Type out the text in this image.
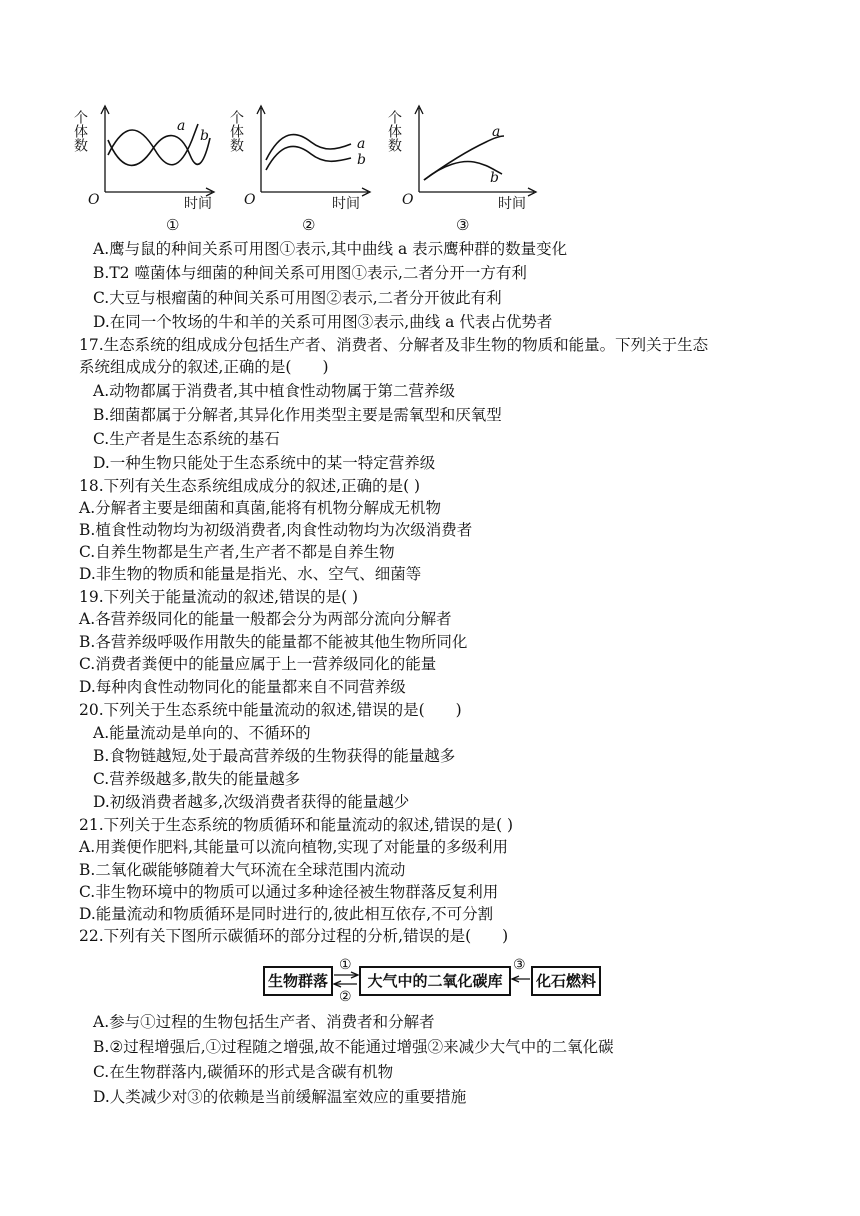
a
b
O	时间
个体数
①
a
b
O	时间
个体数
②
a
b
O	时间
个体数
③
A.鹰与鼠的种间关系可用图①表示,其中曲线 a 表示鹰种群的数量变化
B.T2 噬菌体与细菌的种间关系可用图①表示,二者分开一方有利
C.大豆与根瘤菌的种间关系可用图②表示,二者分开彼此有利
D.在同一个牧场的牛和羊的关系可用图③表示,曲线 a 代表占优势者
17.生态系统的组成成分包括生产者、消费者、分解者及非生物的物质和能量。下列关于生态
系统组成成分的叙述,正确的是(　　)
A.动物都属于消费者,其中植食性动物属于第二营养级
B.细菌都属于分解者,其异化作用类型主要是需氧型和厌氧型
C.生产者是生态系统的基石
D.一种生物只能处于生态系统中的某一特定营养级
18.下列有关生态系统组成成分的叙述,正确的是( )
A.分解者主要是细菌和真菌,能将有机物分解成无机物
B.植食性动物均为初级消费者,肉食性动物均为次级消费者
C.自养生物都是生产者,生产者不都是自养生物
D.非生物的物质和能量是指光、水、空气、细菌等
19.下列关于能量流动的叙述,错误的是( )
A.各营养级同化的能量一般都会分为两部分流向分解者
B.各营养级呼吸作用散失的能量都不能被其他生物所同化
C.消费者粪便中的能量应属于上一营养级同化的能量
D.每种肉食性动物同化的能量都来自不同营养级
20.下列关于生态系统中能量流动的叙述,错误的是(　　)
A.能量流动是单向的、不循环的
B.食物链越短,处于最高营养级的生物获得的能量越多
C.营养级越多,散失的能量越多
D.初级消费者越多,次级消费者获得的能量越少
21.下列关于生态系统的物质循环和能量流动的叙述,错误的是( )
A.用粪便作肥料,其能量可以流向植物,实现了对能量的多级利用
B.二氧化碳能够随着大气环流在全球范围内流动
C.非生物环境中的物质可以通过多种途径被生物群落反复利用
D.能量流动和物质循环是同时进行的,彼此相互依存,不可分割
22.下列有关下图所示碳循环的部分过程的分析,错误的是(　　)
生物群落	大气中的二氧化碳库	化石燃料
①
②
③
A.参与①过程的生物包括生产者、消费者和分解者
B.②过程增强后,①过程随之增强,故不能通过增强②来减少大气中的二氧化碳
C.在生物群落内,碳循环的形式是含碳有机物
D.人类减少对③的依赖是当前缓解温室效应的重要措施
